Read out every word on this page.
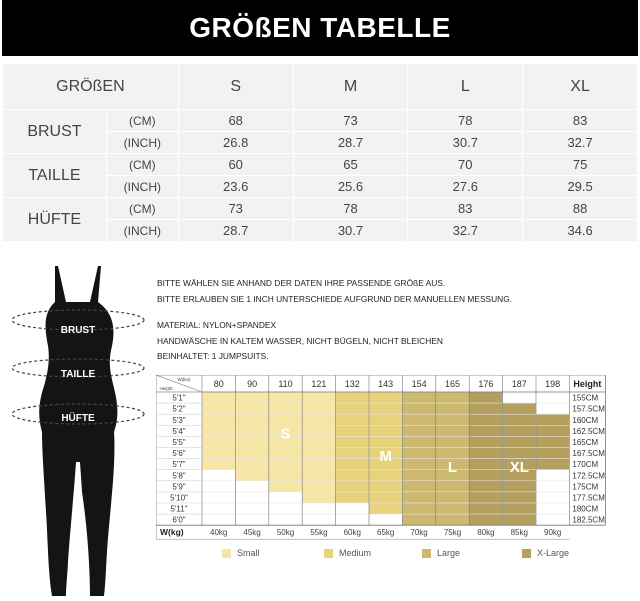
GRÖßEN TABELLE
GRÖßEN		S	M	L	XL
BRUST	(CM)	68	73	78	83
	(INCH)	26.8	28.7	30.7	32.7
TAILLE	(CM)	60	65	70	75
	(INCH)	23.6	25.6	27.6	29.5
HÜFTE	(CM)	73	78	83	88
	(INCH)	28.7	30.7	32.7	34.6
BRUST
TAILLE
HÜFTE
BITTE WÄHLEN SIE ANHAND DER DATEN IHRE PASSENDE GRÖßE AUS.
BITTE ERLAUBEN SIE 1 INCH UNTERSCHIEDE AUFGRUND DER MANUELLEN MESSUNG.
MATERIAL: NYLON+SPANDEX
HANDWÄSCHE IN KALTEM WASSER, NICHT BÜGELN, NICHT BLEICHEN
BEINHALTET: 1 JUMPSUITS.
W(lbs)
Height	80	90 110 121 132 143 154 165 176 187 198 Height
5'1"	155CM
5'2"	157.5CM
5'3"	160CM
5'4"	162.5CM
5'5"	165CM
5'6"	167.5CM
5'7"	170CM
5'8"	172.5CM
5'9"	175CM
5'10"	177.5CM
5'11"	180CM
6'0"	182.5CM
W(kg)	40kg 45kg 50kg 55kg 60kg 65kg 70kg 75kg 80kg 85kg 90kg
S
M
L	XL
Small	Medium	Large	X-Large
